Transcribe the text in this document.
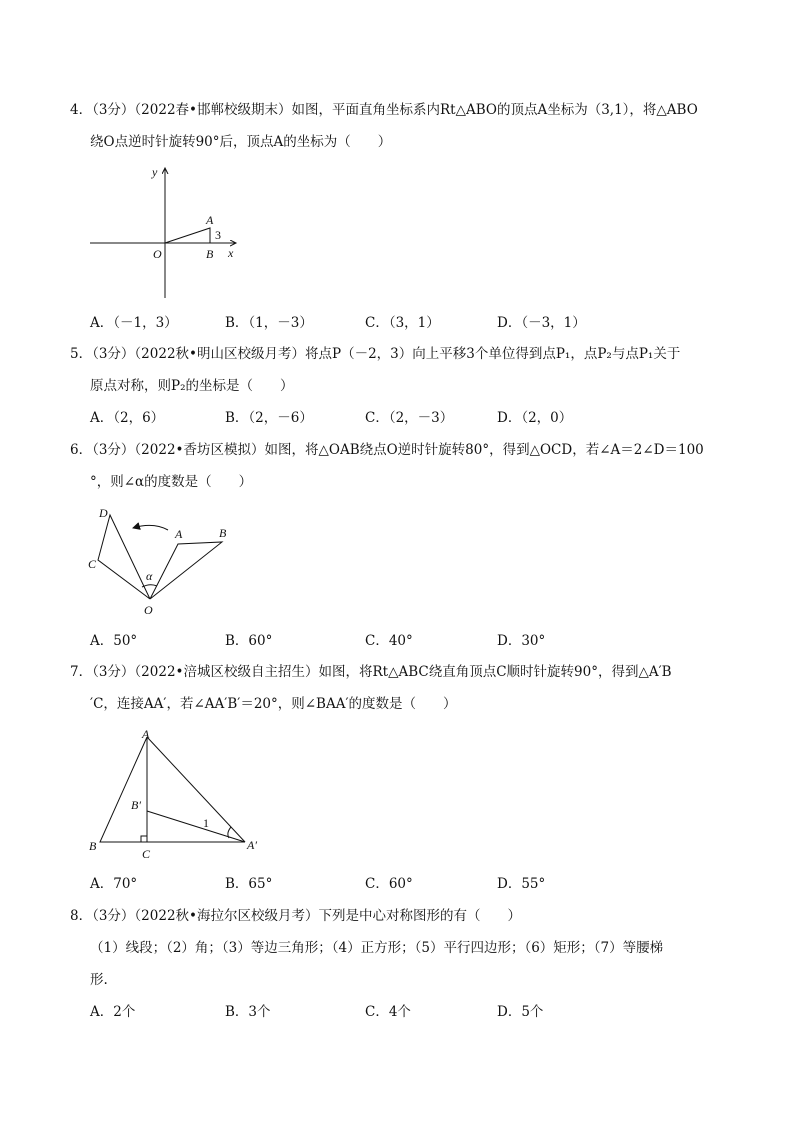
4．（3分）（2022春•邯郸校级期末）如图，平面直角坐标系内Rt△ABO的顶点A坐标为（3,1），将△ABO
绕O点逆时针旋转90°后，顶点A的坐标为（　　）
y
x
A
B
O
3
A．（－1，3）	B．（1，－3）	C．（3，1）	D．（－3，1）
5．（3分）（2022秋•明山区校级月考）将点P（－2，3）向上平移3个单位得到点P₁，点P₂与点P₁关于
原点对称，则P₂的坐标是（　　）
A．（2，6）	B．（2，－6）	C．（2，－3）	D．（2，0）
6．（3分）（2022•香坊区模拟）如图，将△OAB绕点O逆时针旋转80°，得到△OCD，若∠A＝2∠D＝100
°，则∠α的度数是（　　）
D
C
A	B
O
α
A．50°	B．60°	C．40°	D．30°
7．（3分）（2022•涪城区校级自主招生）如图，将Rt△ABC绕直角顶点C顺时针旋转90°，得到△A′B
′C，连接AA′，若∠AA′B′＝20°，则∠BAA′的度数是（　　）
A
B
C
B′
A′
1
A．70°	B．65°	C．60°	D．55°
8．（3分）（2022秋•海拉尔区校级月考）下列是中心对称图形的有（　　）
（1）线段；（2）角；（3）等边三角形；（4）正方形；（5）平行四边形；（6）矩形；（7）等腰梯
形.
A．2个	B．3个	C．4个	D．5个
